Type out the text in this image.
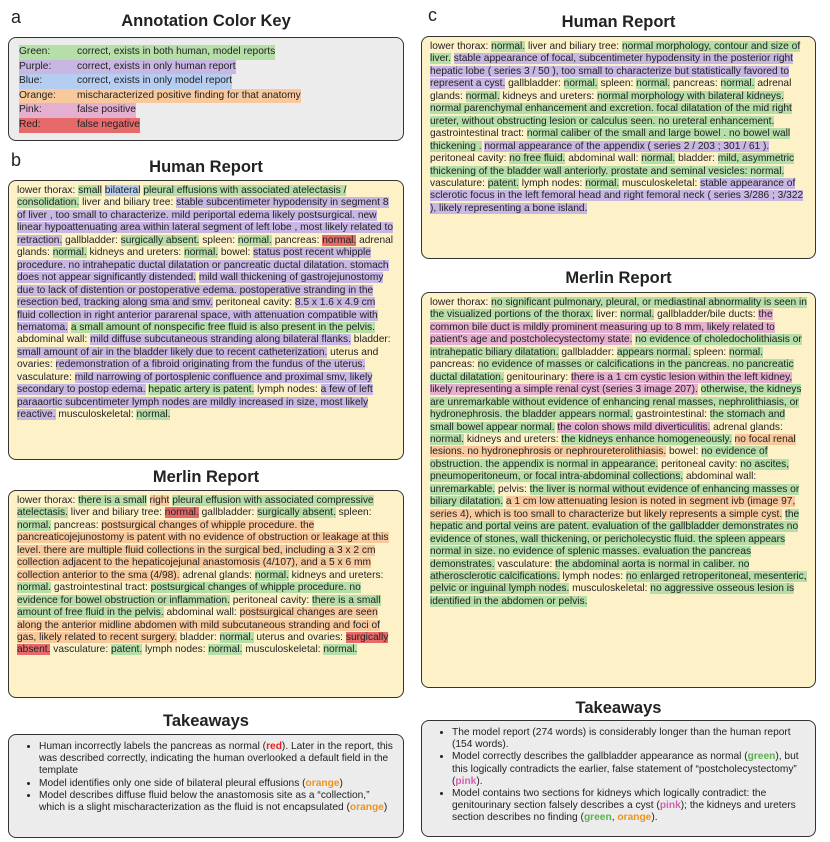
a
b
c
Annotation Color Key
Green:	correct, exists in both human, model reports
Purple:	correct, exists in only human report
Blue:	correct, exists in only model report
Orange:	mischaracterized positive finding for that anatomy
Pink:	false positive
Red:	false negative
Human Report
lower thorax: small bilateral pleural effusions with associated atelectasis / consolidation. liver and biliary tree: stable subcentimeter hypodensity in segment 8 of liver , too small to characterize. mild periportal edema likely postsurgical. new linear hypoattenuating area within lateral segment of left lobe , most likely related to retraction. gallbladder: surgically absent. spleen: normal. pancreas: normal. adrenal glands: normal. kidneys and ureters: normal. bowel: status post recent whipple procedure. no intrahepatic ductal dilatation or pancreatic ductal dilatation. stomach does not appear significantly distended. mild wall thickening of gastrojejunostomy due to lack of distention or postoperative edema. postoperative stranding in the resection bed, tracking along sma and smv. peritoneal cavity: 8.5 x 1.6 x 4.9 cm fluid collection in right anterior pararenal space, with attenuation compatible with hematoma. a small amount of nonspecific free fluid is also present in the pelvis. abdominal wall: mild diffuse subcutaneous stranding along bilateral flanks. bladder: small amount of air in the bladder likely due to recent catheterization. uterus and ovaries: redemonstration of a fibroid originating from the fundus of the uterus. vasculature: mild narrowing of portosplenic confluence and proximal smv, likely secondary to postop edema. hepatic artery is patent. lymph nodes: a few of left paraaortic subcentimeter lymph nodes are mildly increased in size, most likely reactive. musculoskeletal: normal.
Merlin Report
lower thorax: there is a small right pleural effusion with associated compressive atelectasis. liver and biliary tree: normal. gallbladder: surgically absent. spleen: normal. pancreas: postsurgical changes of whipple procedure. the pancreaticojejunostomy is patent with no evidence of obstruction or leakage at this level. there are multiple fluid collections in the surgical bed, including a 3 x 2 cm collection adjacent to the hepaticojejunal anastomosis (4/107), and a 5 x 6 mm collection anterior to the sma (4/98). adrenal glands: normal. kidneys and ureters: normal. gastrointestinal tract: postsurgical changes of whipple procedure. no evidence for bowel obstruction or inflammation. peritoneal cavity: there is a small amount of free fluid in the pelvis. abdominal wall: postsurgical changes are seen along the anterior midline abdomen with mild subcutaneous stranding and foci of gas, likely related to recent surgery. bladder: normal. uterus and ovaries: surgically absent. vasculature: patent. lymph nodes: normal. musculoskeletal: normal.
Takeaways
• Human incorrectly labels the pancreas as normal (red). Later in the report, this was described correctly, indicating the human overlooked a default field in the template
• Model identifies only one side of bilateral pleural effusions (orange)
• Model describes diffuse fluid below the anastomosis site as a “collection,” which is a slight mischaracterization as the fluid is not encapsulated (orange)
Human Report
lower thorax: normal. liver and biliary tree: normal morphology, contour and size of liver. stable appearance of focal, subcentimeter hypodensity in the posterior right hepatic lobe ( series 3 / 50 ), too small to characterize but statistically favored to represent a cyst. gallbladder: normal. spleen: normal. pancreas: normal. adrenal glands: normal. kidneys and ureters: normal morphology with bilateral kidneys. normal parenchymal enhancement and excretion. focal dilatation of the mid right ureter, without obstructing lesion or calculus seen. no ureteral enhancement. gastrointestinal tract: normal caliber of the small and large bowel . no bowel wall thickening . normal appearance of the appendix ( series 2 / 203 ; 301 / 61 ). peritoneal cavity: no free fluid. abdominal wall: normal. bladder: mild, asymmetric thickening of the bladder wall anteriorly. prostate and seminal vesicles: normal. vasculature: patent. lymph nodes: normal. musculoskeletal: stable appearance of sclerotic focus in the left femoral head and right femoral neck ( series 3/286 ; 3/322 ), likely representing a bone island.
Merlin Report
lower thorax: no significant pulmonary, pleural, or mediastinal abnormality is seen in the visualized portions of the thorax. liver: normal. gallbladder/bile ducts: the common bile duct is mildly prominent measuring up to 8 mm, likely related to patient's age and postcholecystectomy state. no evidence of choledocholithiasis or intrahepatic biliary dilatation. gallbladder: appears normal. spleen: normal. pancreas: no evidence of masses or calcifications in the pancreas. no pancreatic ductal dilatation. genitourinary: there is a 1 cm cystic lesion within the left kidney, likely representing a simple renal cyst (series 3 image 207). otherwise, the kidneys are unremarkable without evidence of enhancing renal masses, nephrolithiasis, or hydronephrosis. the bladder appears normal. gastrointestinal: the stomach and small bowel appear normal. the colon shows mild diverticulitis. adrenal glands: normal. kidneys and ureters: the kidneys enhance homogeneously. no focal renal lesions. no hydronephrosis or nephroureterolithiasis. bowel: no evidence of obstruction. the appendix is normal in appearance. peritoneal cavity: no ascites, pneumoperitoneum, or focal intra-abdominal collections. abdominal wall: unremarkable. pelvis: the liver is normal without evidence of enhancing masses or biliary dilatation. a 1 cm low attenuating lesion is noted in segment ivb (image 97, series 4), which is too small to characterize but likely represents a simple cyst. the hepatic and portal veins are patent. evaluation of the gallbladder demonstrates no evidence of stones, wall thickening, or pericholecystic fluid. the spleen appears normal in size. no evidence of splenic masses. evaluation the pancreas demonstrates. vasculature: the abdominal aorta is normal in caliber. no atherosclerotic calcifications. lymph nodes: no enlarged retroperitoneal, mesenteric, pelvic or inguinal lymph nodes. musculoskeletal: no aggressive osseous lesion is identified in the abdomen or pelvis.
Takeaways
• The model report (274 words) is considerably longer than the human report (154 words).
• Model correctly describes the gallbladder appearance as normal (green), but this logically contradicts the earlier, false statement of “postcholecystectomy” (pink).
• Model contains two sections for kidneys which logically contradict: the genitourinary section falsely describes a cyst (pink); the kidneys and ureters section describes no finding (green, orange).
